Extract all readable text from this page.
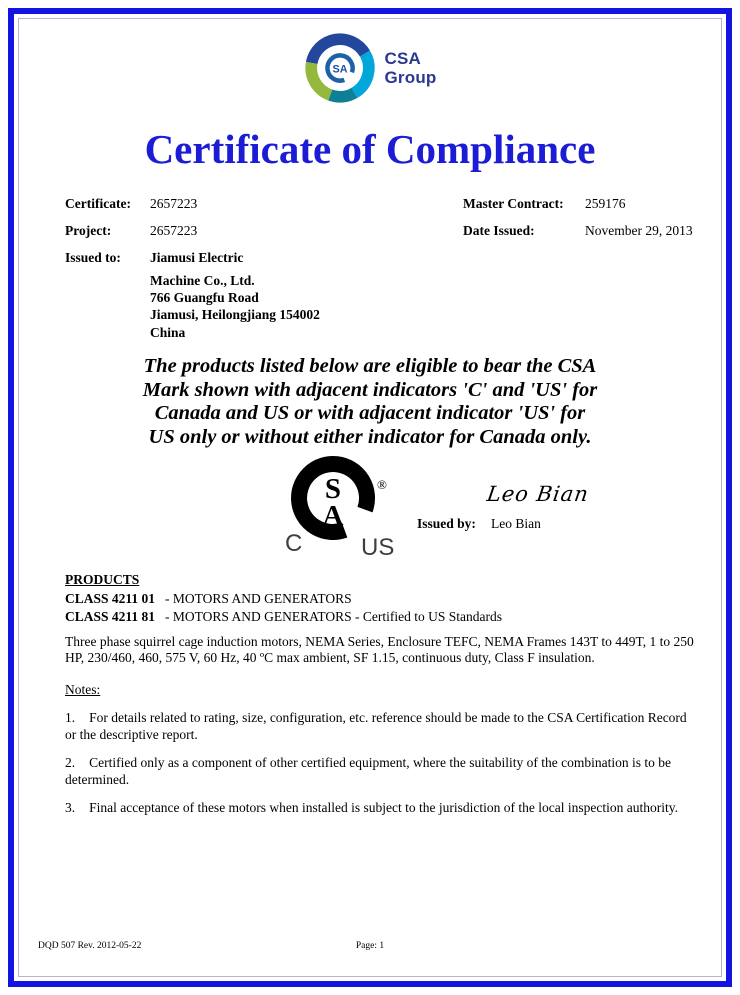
SA
CSA
Group
Certificate of Compliance
Certificate: 2657223	Master Contract: 259176
Project:	2657223	Date Issued:	November 29, 2013
Issued to: Jiamusi Electric
Machine Co., Ltd.
766 Guangfu Road
Jiamusi, Heilongjiang 154002
China
The products listed below are eligible to bear the CSA
Mark shown with adjacent indicators 'C' and 'US' for
Canada and US or with adjacent indicator 'US' for
US only or without either indicator for Canada only.
S
A
®
C US
Leo Bian
Issued by: Leo Bian
PRODUCTS
CLASS 4211 01 - MOTORS AND GENERATORS
CLASS 4211 81 - MOTORS AND GENERATORS - Certified to US Standards
Three phase squirrel cage induction motors, NEMA Series, Enclosure TEFC, NEMA Frames 143T to 449T, 1 to 250 HP, 230/460, 460, 575 V, 60 Hz, 40 ºC max ambient, SF 1.15, continuous duty, Class F insulation.
Notes:

1. For details related to rating, size, configuration, etc. reference should be made to the CSA Certification Record or the descriptive report.

2. Certified only as a component of other certified equipment, where the suitability of the combination is to be determined.

3. Final acceptance of these motors when installed is subject to the jurisdiction of the local inspection authority.

DQD 507 Rev. 2012-05-22	Page: 1
